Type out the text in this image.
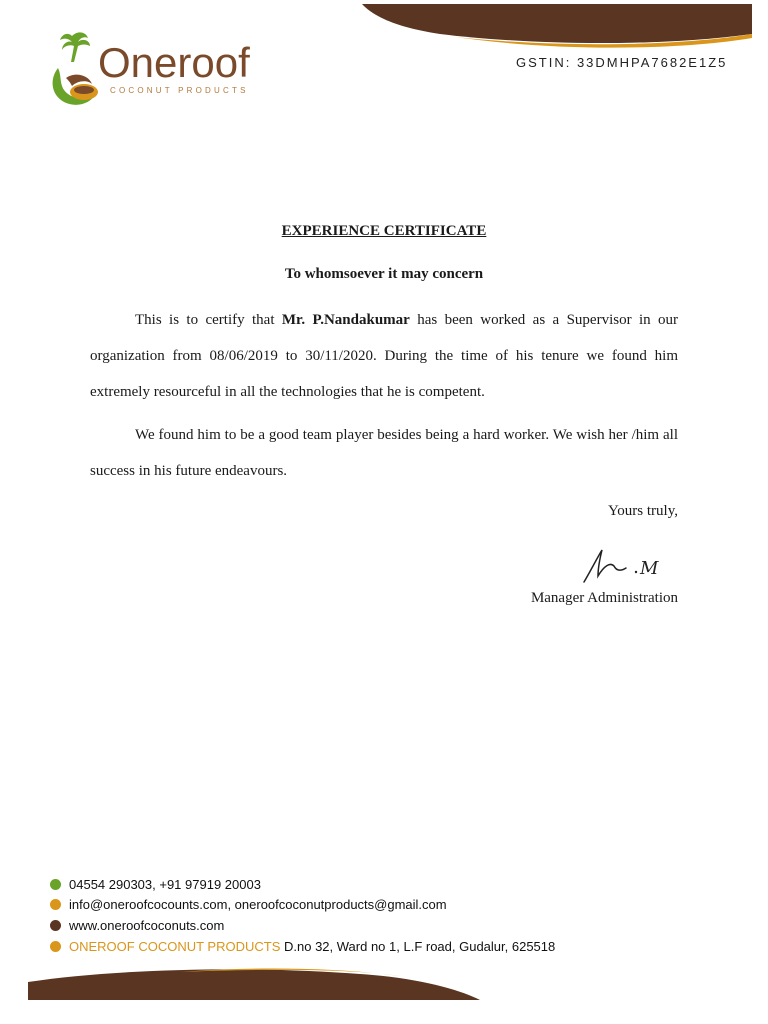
Oneroof
COCONUT PRODUCTS
GSTIN: 33DMHPA7682E1Z5
EXPERIENCE CERTIFICATE
To whomsoever it may concern
This is to certify that Mr. P.Nandakumar has been worked as a Supervisor in our organization from 08/06/2019 to 30/11/2020. During the time of his tenure we found him extremely resourceful in all the technologies that he is competent.
We found him to be a good team player besides being a hard worker. We wish her /him all success in his future endeavours.
Yours truly,
M
Manager Administration
04554 290303, +91 97919 20003
info@oneroofcocounts.com, oneroofcoconutproducts@gmail.com
www.oneroofcoconuts.com
ONEROOF COCONUT PRODUCTS D.no 32, Ward no 1, L.F road, Gudalur, 625518
